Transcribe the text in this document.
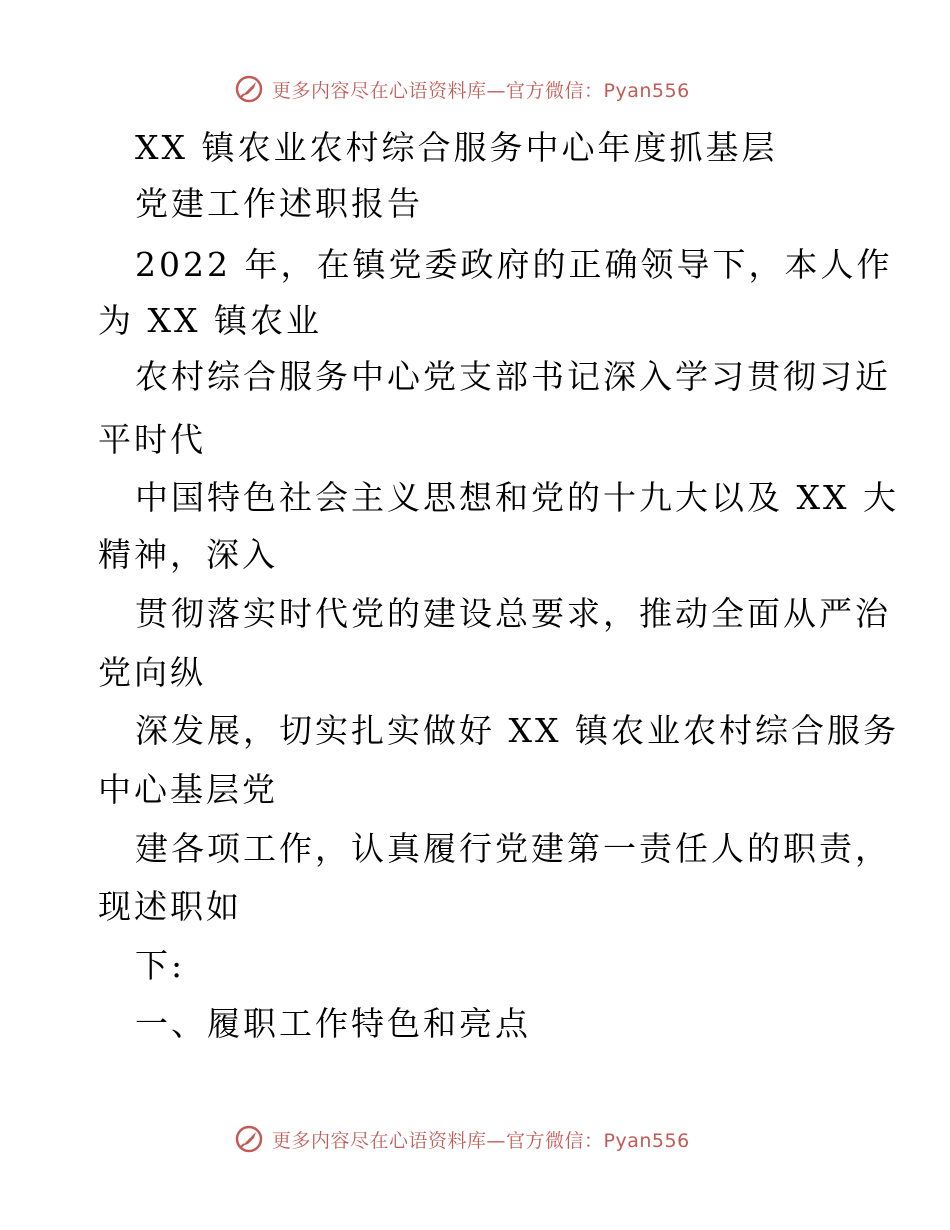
更多内容尽在心语资料库—官方微信：Pyan556
XX 镇农业农村综合服务中心年度抓基层
党建工作述职报告
2022 年，在镇党委政府的正确领导下，本人作
为 XX 镇农业
农村综合服务中心党支部书记深入学习贯彻习近
平时代
中国特色社会主义思想和党的十九大以及 XX 大
精神，深入
贯彻落实时代党的建设总要求，推动全面从严治
党向纵
深发展，切实扎实做好 XX 镇农业农村综合服务
中心基层党
建各项工作，认真履行党建第一责任人的职责，
现述职如
下:
一、履职工作特色和亮点
更多内容尽在心语资料库—官方微信：Pyan556
